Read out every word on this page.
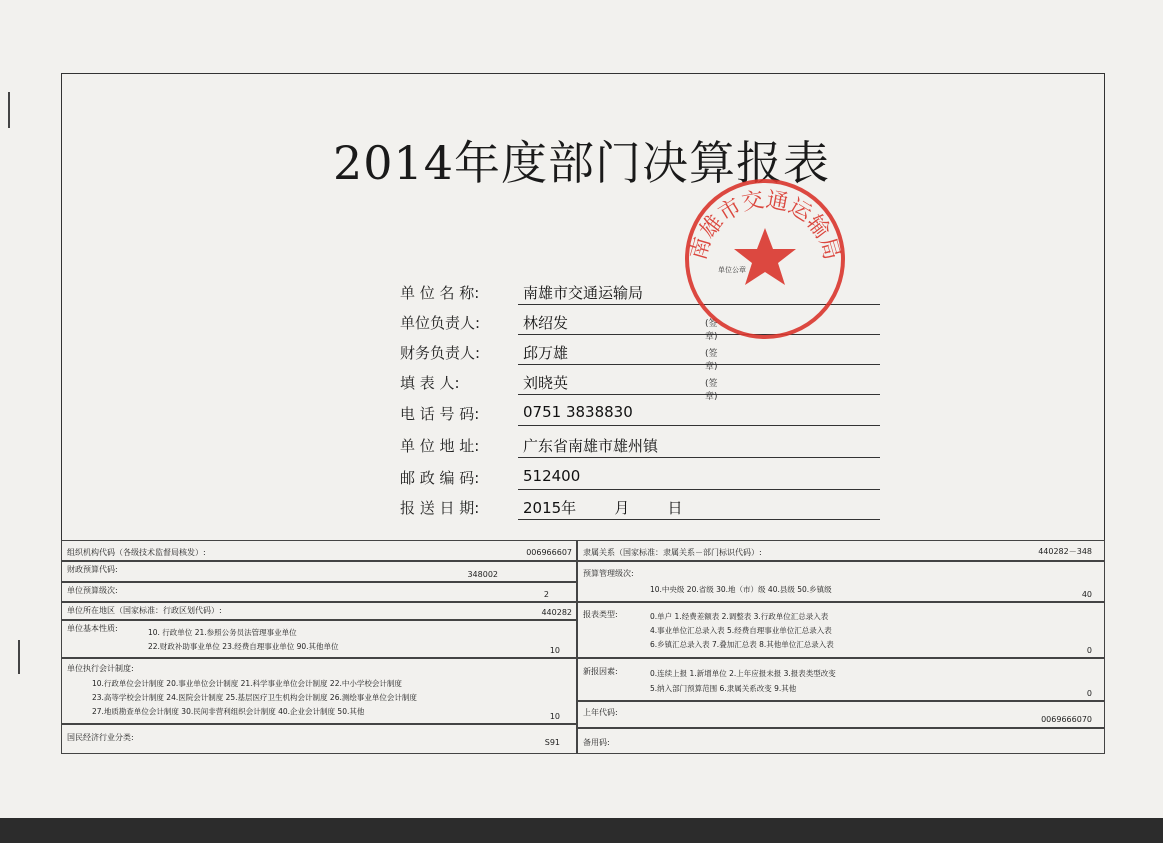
2014年度部门决算报表
单 位 名 称:	南雄市交通运输局
单位负责人:	林绍发	(签章)
财务负责人:	邱万雄	(签章)
填 表 人:	刘晓英	(签章)
电 话 号 码:	0751 3838830
单 位 地 址:	广东省南雄市雄州镇
邮 政 编 码:	512400
报 送 日 期:	2015年        月        日
南雄市交通运输局
单位公章
组织机构代码（各级技术监督局核发）:	006966607
财政预算代码:
348002
单位预算级次:	2
单位所在地区（国家标准：行政区划代码）:	440282
单位基本性质:	10. 行政单位 21.参照公务员法管理事业单位
22.财政补助事业单位 23.经费自理事业单位 90.其他单位	10
单位执行会计制度:
10.行政单位会计制度 20.事业单位会计制度 21.科学事业单位会计制度 22.中小学校会计制度
23.高等学校会计制度 24.医院会计制度 25.基层医疗卫生机构会计制度 26.测绘事业单位会计制度
27.地质勘查单位会计制度 30.民间非营利组织会计制度 40.企业会计制度 50.其他
10
国民经济行业分类:
S91
隶属关系（国家标准：隶属关系－部门标识代码）:	440282－348
预算管理级次:
10.中央级 20.省级 30.地（市）级 40.县级 50.乡镇级
40
报表类型:	0.单户 1.经费差额表 2.调整表 3.行政单位汇总录入表
4.事业单位汇总录入表 5.经费自理事业单位汇总录入表
6.乡镇汇总录入表 7.叠加汇总表 8.其他单位汇总录入表
0
新报因素:	0.连续上报 1.新增单位 2.上年应报未报 3.报表类型改变
5.纳入部门预算范围 6.隶属关系改变 9.其他
0
上年代码:
0069666070
备用码:
